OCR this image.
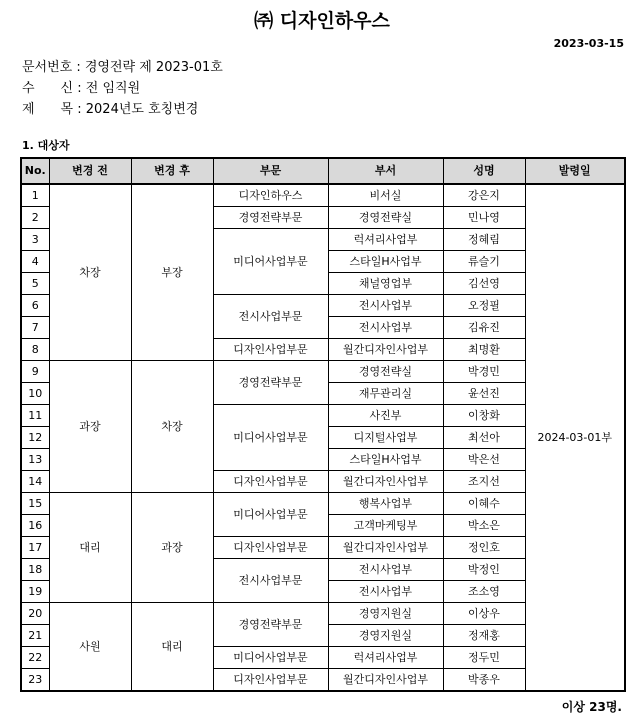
㈜ 디자인하우스
2023-03-15
문서번호 : 경영전략 제 2023-01호
수　　신 : 전 임직원
제　　목 : 2024년도 호칭변경
1. 대상자
No.	변경 전	변경 후	부문	부서	성명	발령일
1	차장	부장	디자인하우스	비서실	강은지	2024-03-01부
2			경영전략부문	경영전략실	민나영	
3			미디어사업부문	럭셔리사업부	정혜림	
4				스타일H사업부	류슬기	
5				채널영업부	김선영	
6			전시사업부문	전시사업부	오정필	
7				전시사업부	김유진	
8			디자인사업부문	월간디자인사업부	최명환	
9	과장	차장	경영전략부문	경영전략실	박경민	
10				재무관리실	윤선진	
11			미디어사업부문	사진부	이창화	
12				디지털사업부	최선아	
13				스타일H사업부	박은선	
14			디자인사업부문	월간디자인사업부	조지선	
15	대리	과장	미디어사업부문	행복사업부	이혜수	
16				고객마케팅부	박소은	
17			디자인사업부문	월간디자인사업부	정인호	
18			전시사업부문	전시사업부	박정인	
19				전시사업부	조소영	
20	사원	대리	경영전략부문	경영지원실	이상우	
21				경영지원실	정재홍	
22			미디어사업부문	럭셔리사업부	정두민	
23			디자인사업부문	월간디자인사업부	박종우	
이상 23명.
